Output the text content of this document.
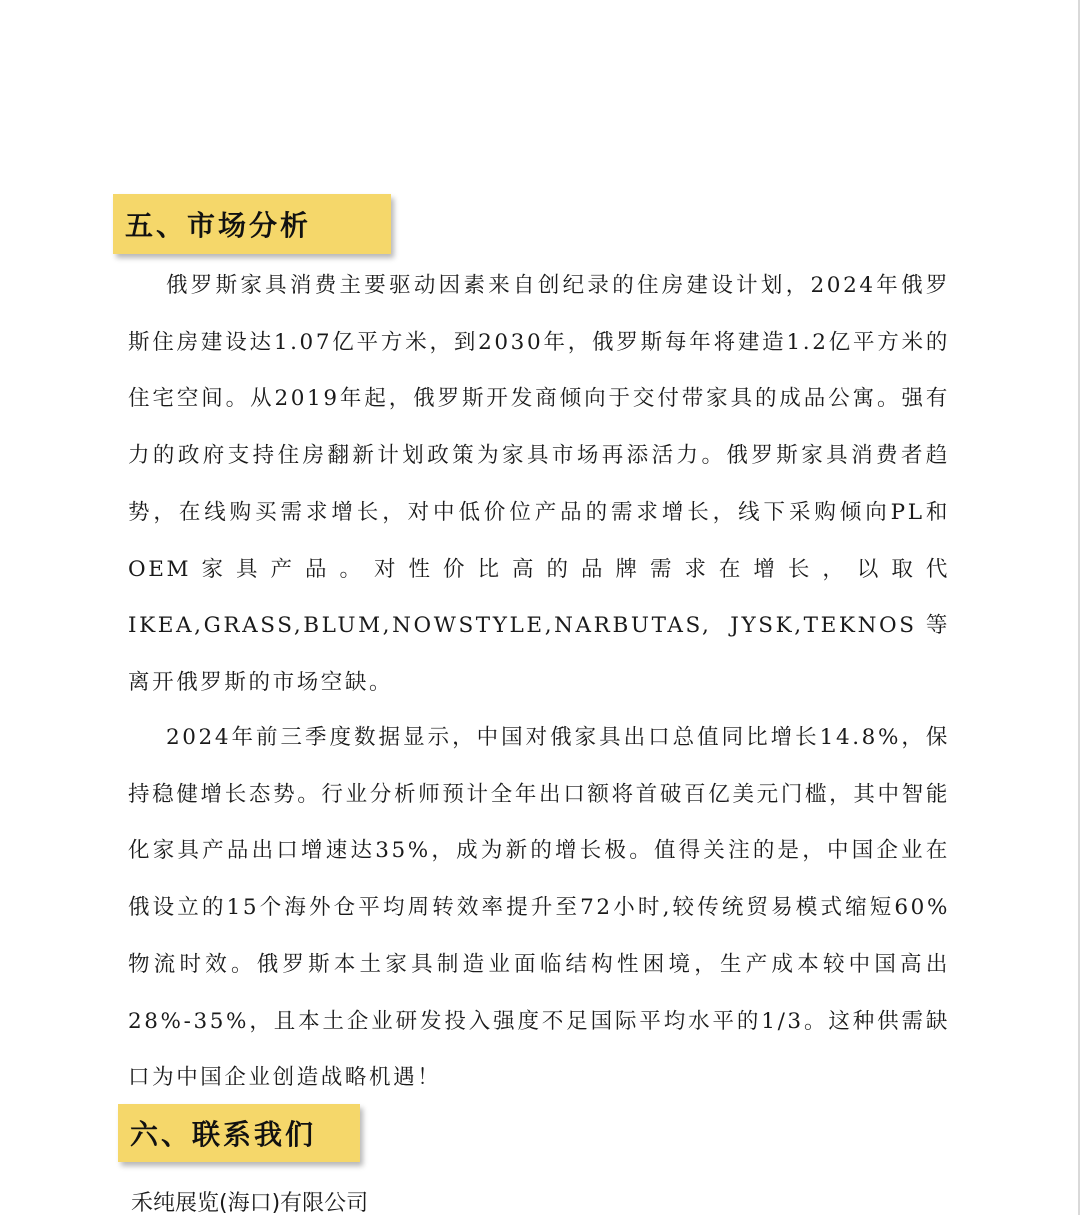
五、市场分析

俄罗斯家具消费主要驱动因素来自创纪录的住房建设计划，2024年俄罗斯住房建设达1.07亿平方米，到2030年，俄罗斯每年将建造1.2亿平方米的住宅空间。从2019年起，俄罗斯开发商倾向于交付带家具的成品公寓。强有力的政府支持住房翻新计划政策为家具市场再添活力。俄罗斯家具消费者趋势，在线购买需求增长，对中低价位产品的需求增长，线下采购倾向PL和OEM家具产品。对性价比高的品牌需求在增长，以取代IKEA,GRASS,BLUM,NOWSTYLE,NARBUTAS, JYSK,TEKNOS等离开俄罗斯的市场空缺。

2024年前三季度数据显示，中国对俄家具出口总值同比增长14.8%，保持稳健增长态势。行业分析师预计全年出口额将首破百亿美元门槛，其中智能化家具产品出口增速达35%，成为新的增长极。值得关注的是，中国企业在俄设立的15个海外仓平均周转效率提升至72小时,较传统贸易模式缩短60%物流时效。俄罗斯本土家具制造业面临结构性困境，生产成本较中国高出28%-35%，且本土企业研发投入强度不足国际平均水平的1/3。这种供需缺口为中国企业创造战略机遇！

六、联系我们
禾纯展览(海口)有限公司
